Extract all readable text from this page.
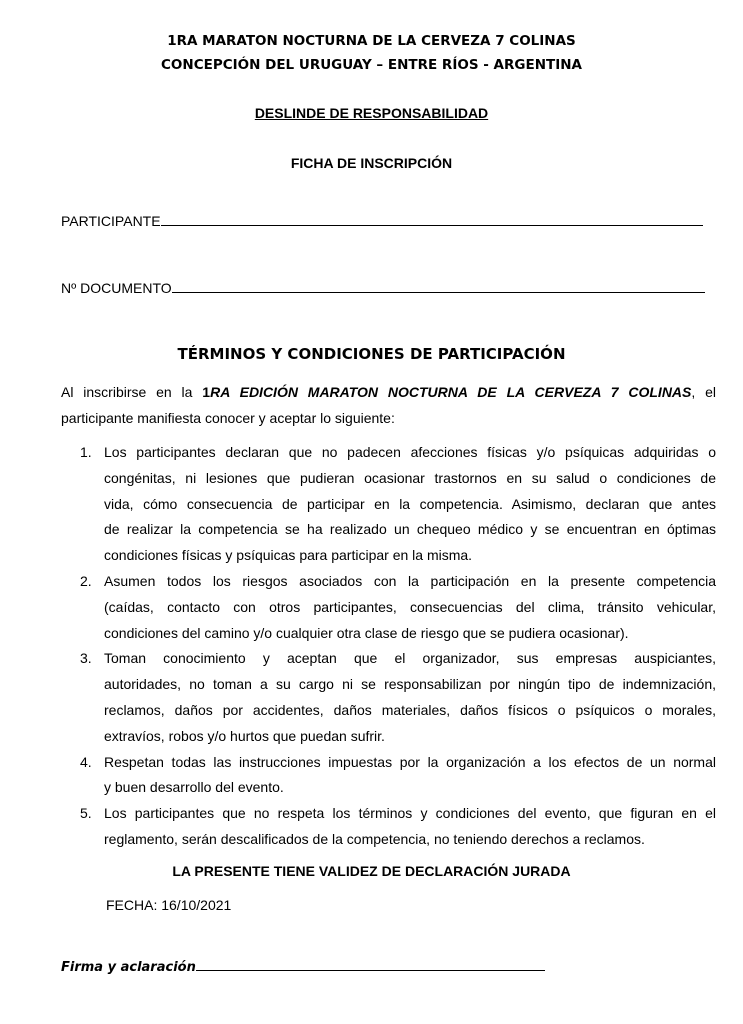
1RA MARATON NOCTURNA DE LA CERVEZA 7 COLINAS
CONCEPCIÓN DEL URUGUAY – ENTRE RÍOS - ARGENTINA
DESLINDE DE RESPONSABILIDAD
FICHA DE INSCRIPCIÓN
PARTICIPANTE
Nº DOCUMENTO
TÉRMINOS Y CONDICIONES DE PARTICIPACIÓN
Al inscribirse en la 1RA EDICIÓN MARATON NOCTURNA DE LA CERVEZA 7 COLINAS, el
participante manifiesta conocer y aceptar lo siguiente:
1. Los participantes declaran que no padecen afecciones físicas y/o psíquicas adquiridas o
congénitas, ni lesiones que pudieran ocasionar trastornos en su salud o condiciones de
vida, cómo consecuencia de participar en la competencia. Asimismo, declaran que antes
de realizar la competencia se ha realizado un chequeo médico y se encuentran en óptimas
condiciones físicas y psíquicas para participar en la misma.
2. Asumen todos los riesgos asociados con la participación en la presente competencia
(caídas, contacto con otros participantes, consecuencias del clima, tránsito vehicular,
condiciones del camino y/o cualquier otra clase de riesgo que se pudiera ocasionar).
3. Toman conocimiento y aceptan que el organizador, sus empresas auspiciantes,
autoridades, no toman a su cargo ni se responsabilizan por ningún tipo de indemnización,
reclamos, daños por accidentes, daños materiales, daños físicos o psíquicos o morales,
extravíos, robos y/o hurtos que puedan sufrir.
4. Respetan todas las instrucciones impuestas por la organización a los efectos de un normal
y buen desarrollo del evento.
5. Los participantes que no respeta los términos y condiciones del evento, que figuran en el
reglamento, serán descalificados de la competencia, no teniendo derechos a reclamos.
LA PRESENTE TIENE VALIDEZ DE DECLARACIÓN JURADA
FECHA: 16/10/2021
Firma y aclaración
